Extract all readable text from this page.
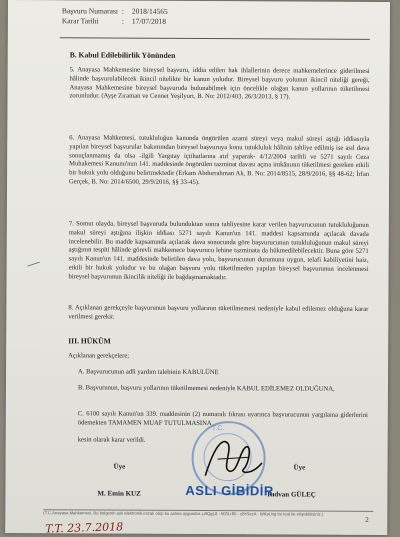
Başvuru Numarası :	2018/14565
Karar Tarihi	:	17/07/2018
B. Kabul Edilebilirlik Yönünden
5. Anayasa Mahkemesine bireysel başvuru, iddia edilen hak ihlallerinin derece mahkemelerince giderilmesi hâlinde başvurulabilecek ikincil nitelikte bir kanun yoludur. Bireysel başvuru yolunun ikincil niteliği gereği, Anayasa Mahkemesine bireysel başvuruda bulunabilmek için öncelikle olağan kanun yollarının tüketilmesi zorunludur. (Ayşe Zıraman ve Cennet Yeşilyurt, B. No: 2012/403, 26/3/2013, § 17).
6. Anayasa Mahkemesi, tutukluluğun kanunda öngörülen azami süreyi veya makul süreyi aştığı iddiasıyla yapılan bireysel başvurular bakımından bireysel başvuruya konu tutukluluk hâlinin tahliye edilmiş ise asıl dava sonuçlanmamış da olsa -ilgili Yargıtay içtihatlarına atıf yaparak- 4/12/2004 tarihli ve 5271 sayılı Ceza Muhakemesi Kanunu'nun 141. maddesinde öngörülen tazminat davası açma imkânının tüketilmesi gereken etkili bir hukuk yolu olduğunu belirtmektedir (Erkam Abdurrahman Ak, B. No: 2014/8515, 28/9/2016, §§ 48-62; İrfan Gerçek, B. No: 2014/6500, 29/9/2016, §§ 33-45).
7. Somut olayda, bireysel başvuruda bulunduktan sonra tahliyesine karar verilen başvurucunun tutukluluğunun makul süreyi aştığına ilişkin iddiası 5271 sayılı Kanun'un 141. maddesi kapsamında açılacak davada incelenebilir. Bu madde kapsamında açılacak dava sonucunda göre başvurucunun tutukluluğunun makul süreyi aştığının tespiti hâlinde görevli mahkemece başvurucu lehine tazminata da hükmedilebilecektir. Buna göre 5271 sayılı Kanun'un 141. maddesinde belirtilen dava yolu, başvurucunun durumuna uygun, telafi kabiliyetini haiz, etkili bir hukuk yoludur ve bu olağan başvuru yolu tüketilmeden yapılan bireysel başvurunun incelenmesi bireysel başvurunun ikincilik niteliği ile bağdaşmamaktadır.
8. Açıklanan gerekçeyle başvurunun başvuru yollarının tüketilmemesi nedeniyle kabul edilemez olduğuna karar verilmesi gerekir.
III. HÜKÜM
Açıklanan gerekçelere;
A. Başvurucunun adli yardım talebinin KABULÜNE
B. Başvurunun, başvuru yollarının tüketilmemesi nedeniyle KABUL EDİLEMEZ OLDUĞUNA,
C. 6100 sayılı Kanun'un 339. maddesinin (2) numaralı fıkrası uyarınca başvurucunun yargılama giderlerini ödemekten TAMAMEN MUAF TUTULMASINA
kesin olarak karar verildi.
Üye
M. Emin KUZ
Üye
Rıdvan GÜLEÇ
T.C.
ASLI GİBİDİR
(T.C.Anayasa Mahkemesi, Bu belgenin aslı elektronik imzalı olup bu aslına uygundur. μ9QgL8 - MZiLr80 - cBrSezA - WKpUxg bu kod ile erişebilirsiniz.)
2
T.T. 23.7.2018
